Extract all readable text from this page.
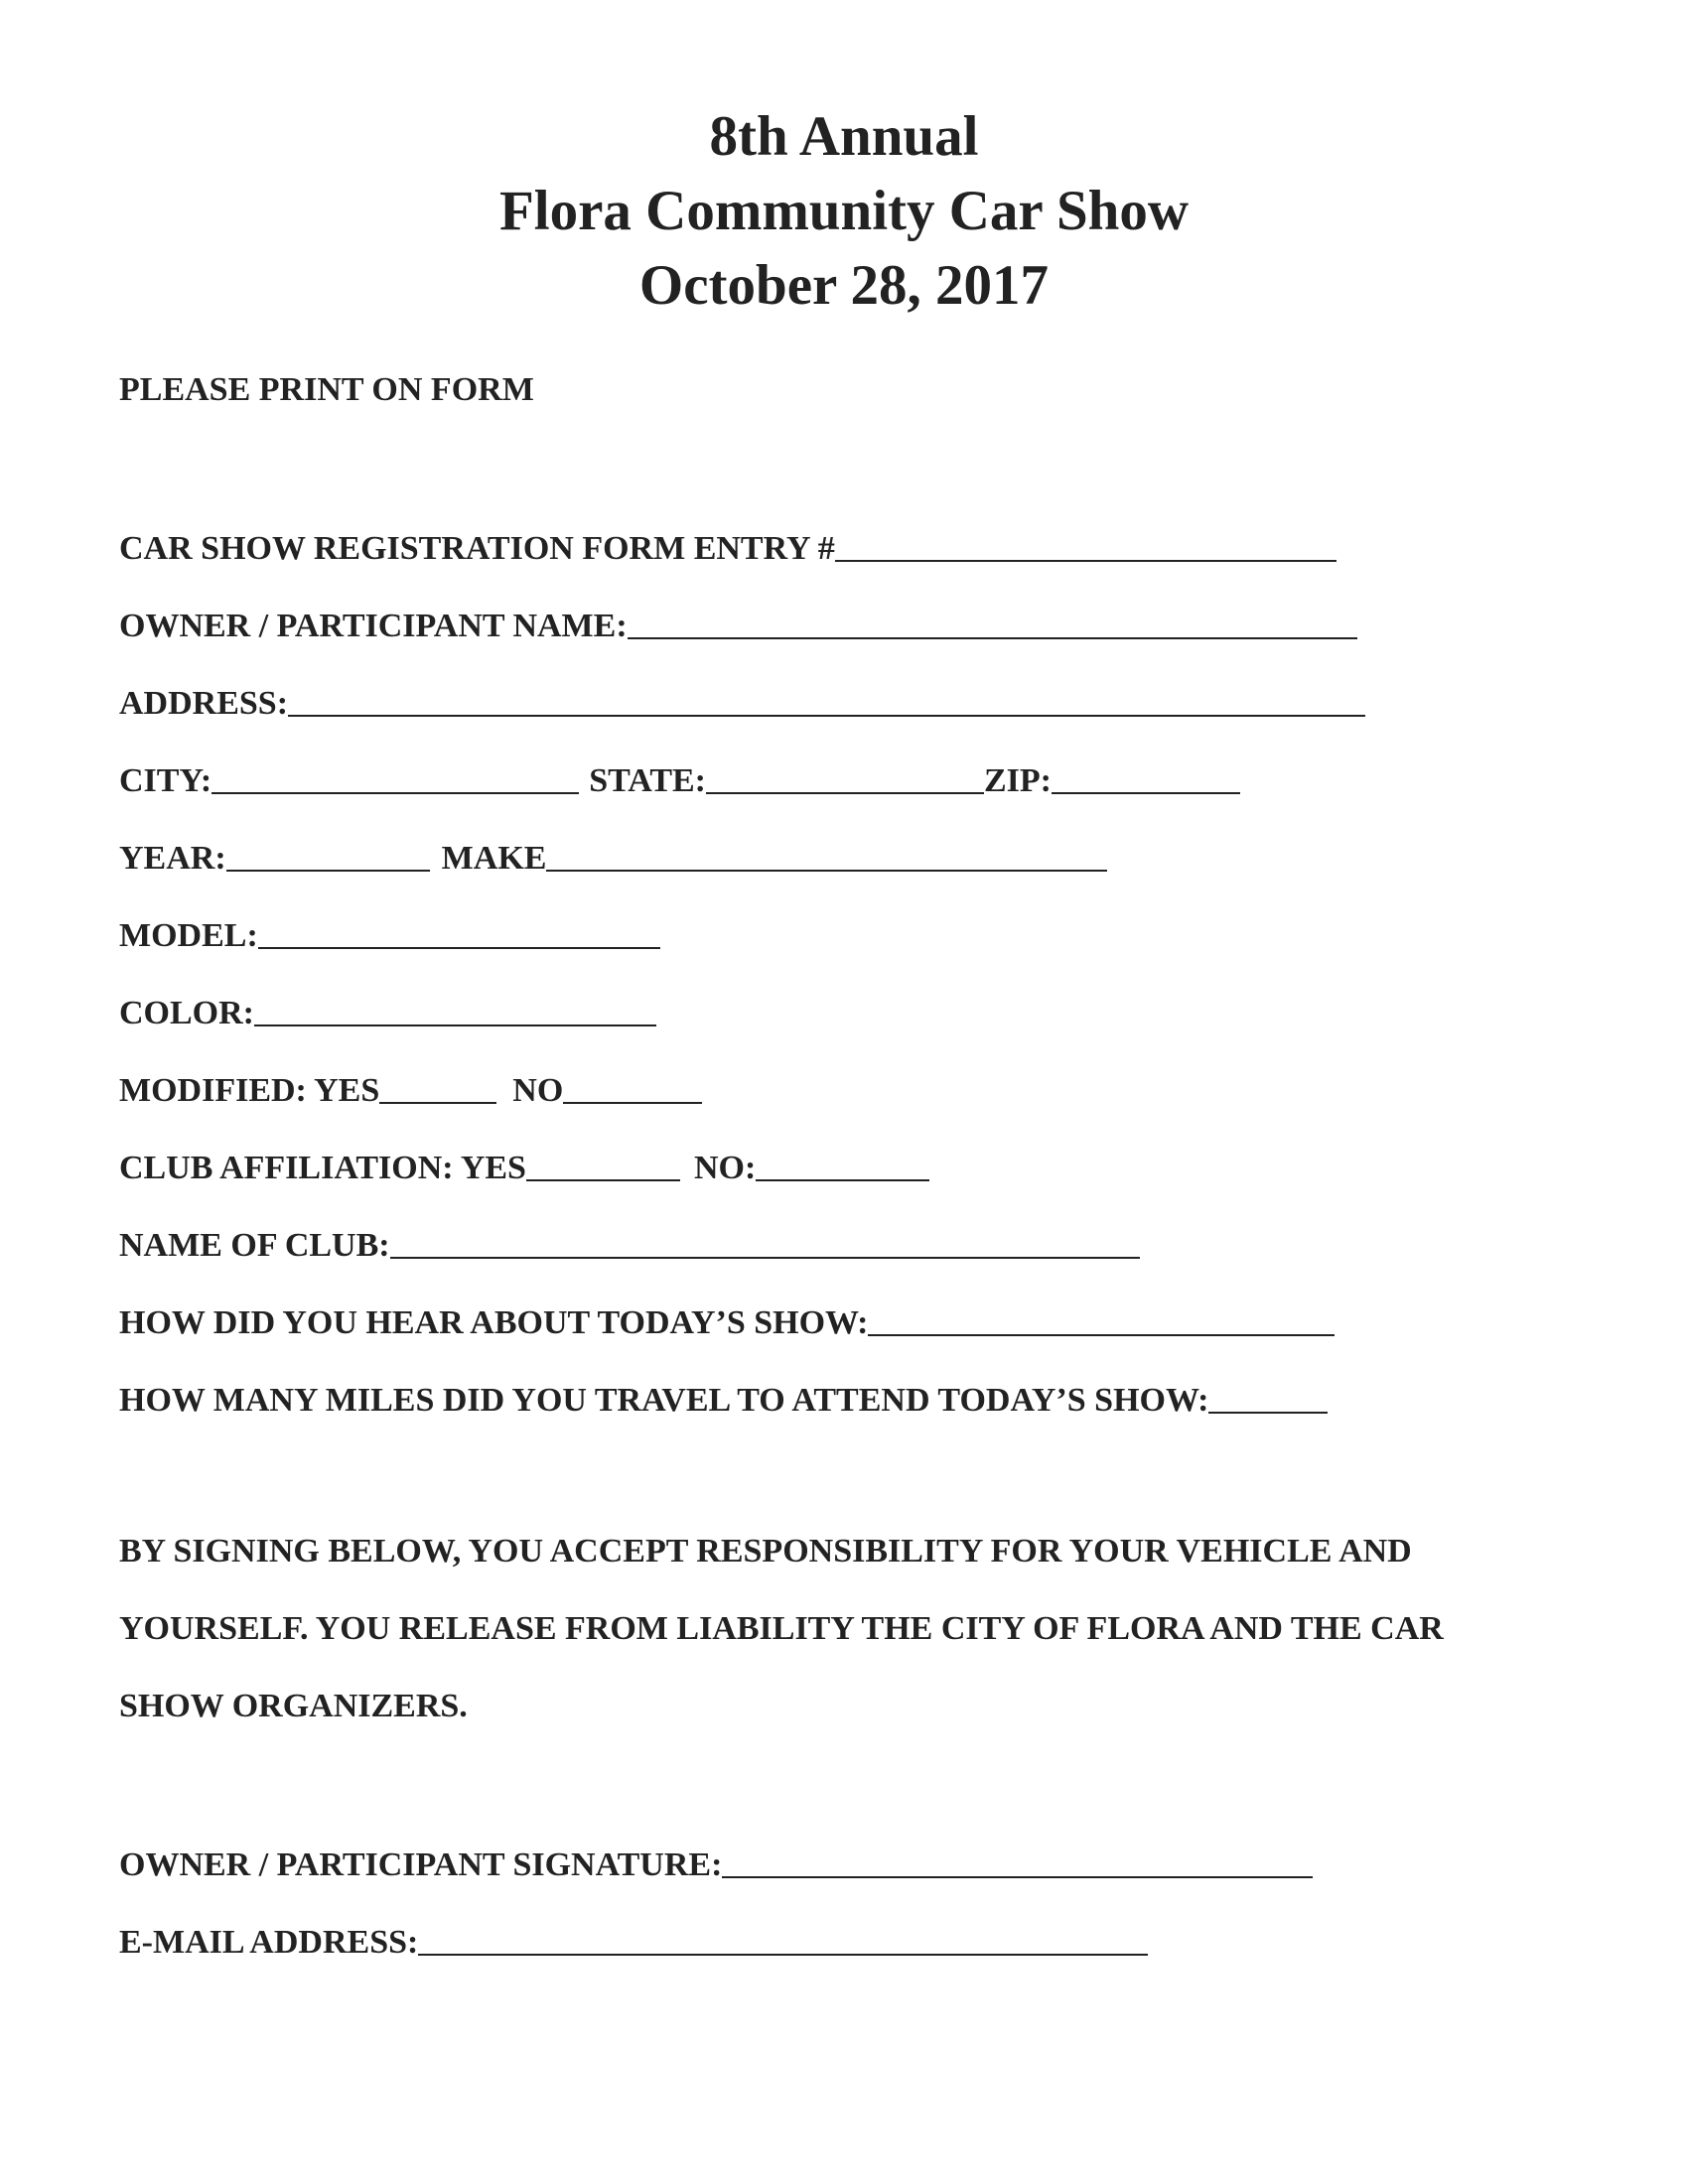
8th Annual
Flora Community Car Show
October 28, 2017
PLEASE PRINT ON FORM
CAR SHOW REGISTRATION FORM ENTRY #
OWNER / PARTICIPANT NAME:
ADDRESS:
CITY:	STATE:	ZIP:
YEAR:	MAKE
MODEL:
COLOR:
MODIFIED: YES	NO
CLUB AFFILIATION: YES	NO:
NAME OF CLUB:
HOW DID YOU HEAR ABOUT TODAY’S SHOW:
HOW MANY MILES DID YOU TRAVEL TO ATTEND TODAY’S SHOW:
BY SIGNING BELOW, YOU ACCEPT RESPONSIBILITY FOR YOUR VEHICLE AND YOURSELF. YOU RELEASE FROM LIABILITY THE CITY OF FLORA AND THE CAR SHOW ORGANIZERS.
OWNER / PARTICIPANT SIGNATURE:
E-MAIL ADDRESS:
